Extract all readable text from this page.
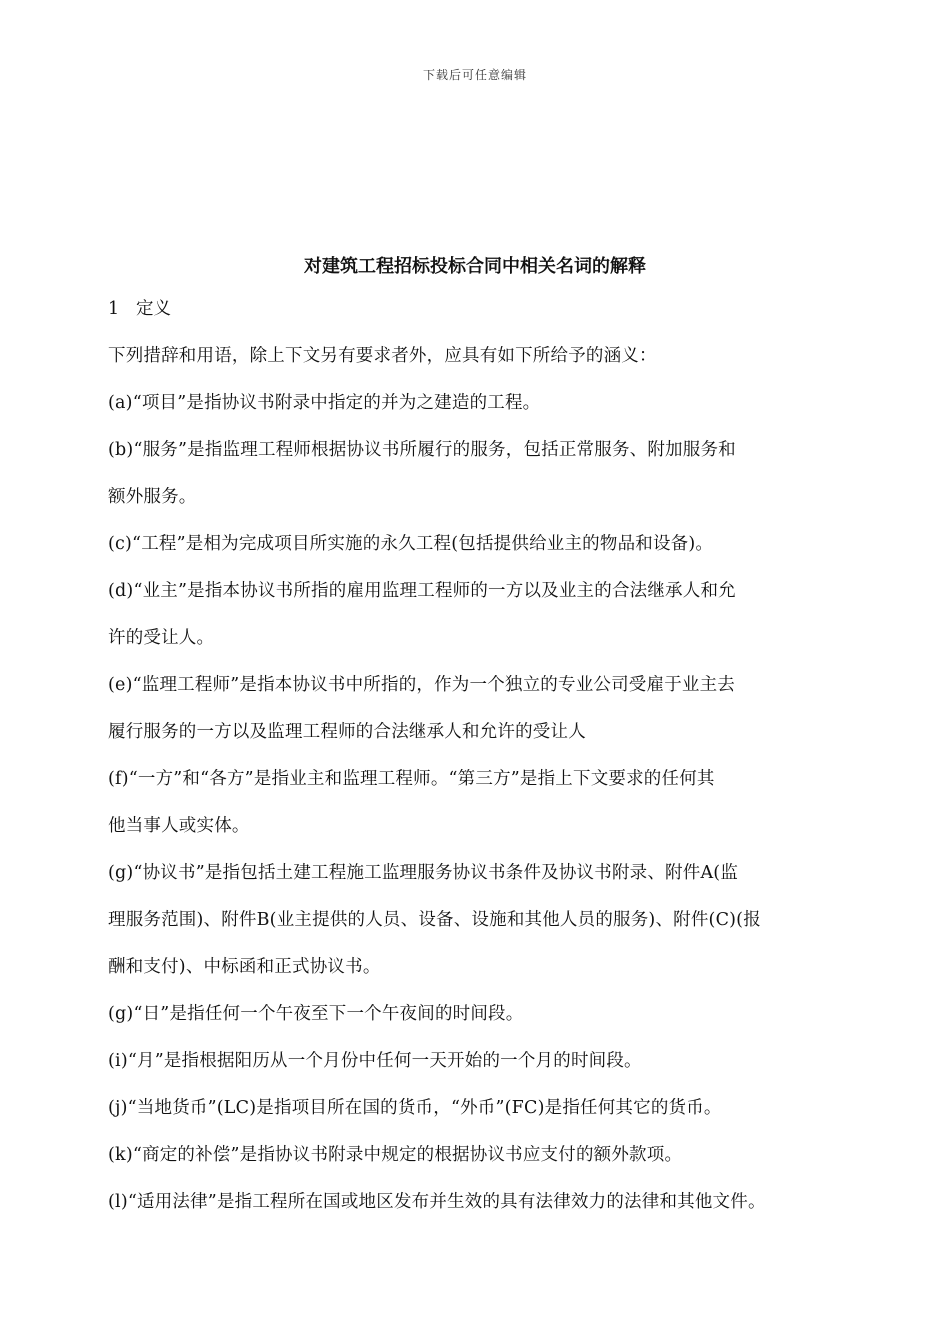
下载后可任意编辑
对建筑工程招标投标合同中相关名词的解释
1 定义
下列措辞和用语，除上下文另有要求者外，应具有如下所给予的涵义：
(a)“项目”是指协议书附录中指定的并为之建造的工程。
(b)“服务”是指监理工程师根据协议书所履行的服务，包括正常服务、附加服务和
额外服务。
(c)“工程”是相为完成项目所实施的永久工程(包括提供给业主的物品和设备)。
(d)“业主”是指本协议书所指的雇用监理工程师的一方以及业主的合法继承人和允
许的受让人。
(e)“监理工程师”是指本协议书中所指的，作为一个独立的专业公司受雇于业主去
履行服务的一方以及监理工程师的合法继承人和允许的受让人
(f)“一方”和“各方”是指业主和监理工程师。“第三方”是指上下文要求的任何其
他当事人或实体。
(g)“协议书”是指包括土建工程施工监理服务协议书条件及协议书附录、附件A(监
理服务范围)、附件B(业主提供的人员、设备、设施和其他人员的服务)、附件(C)(报
酬和支付)、中标函和正式协议书。
(g)“日”是指任何一个午夜至下一个午夜间的时间段。
(i)“月”是指根据阳历从一个月份中任何一天开始的一个月的时间段。
(j)“当地货币”(LC)是指项目所在国的货币，“外币”(FC)是指任何其它的货币。
(k)“商定的补偿”是指协议书附录中规定的根据协议书应支付的额外款项。
(l)“适用法律”是指工程所在国或地区发布并生效的具有法律效力的法律和其他文件。
